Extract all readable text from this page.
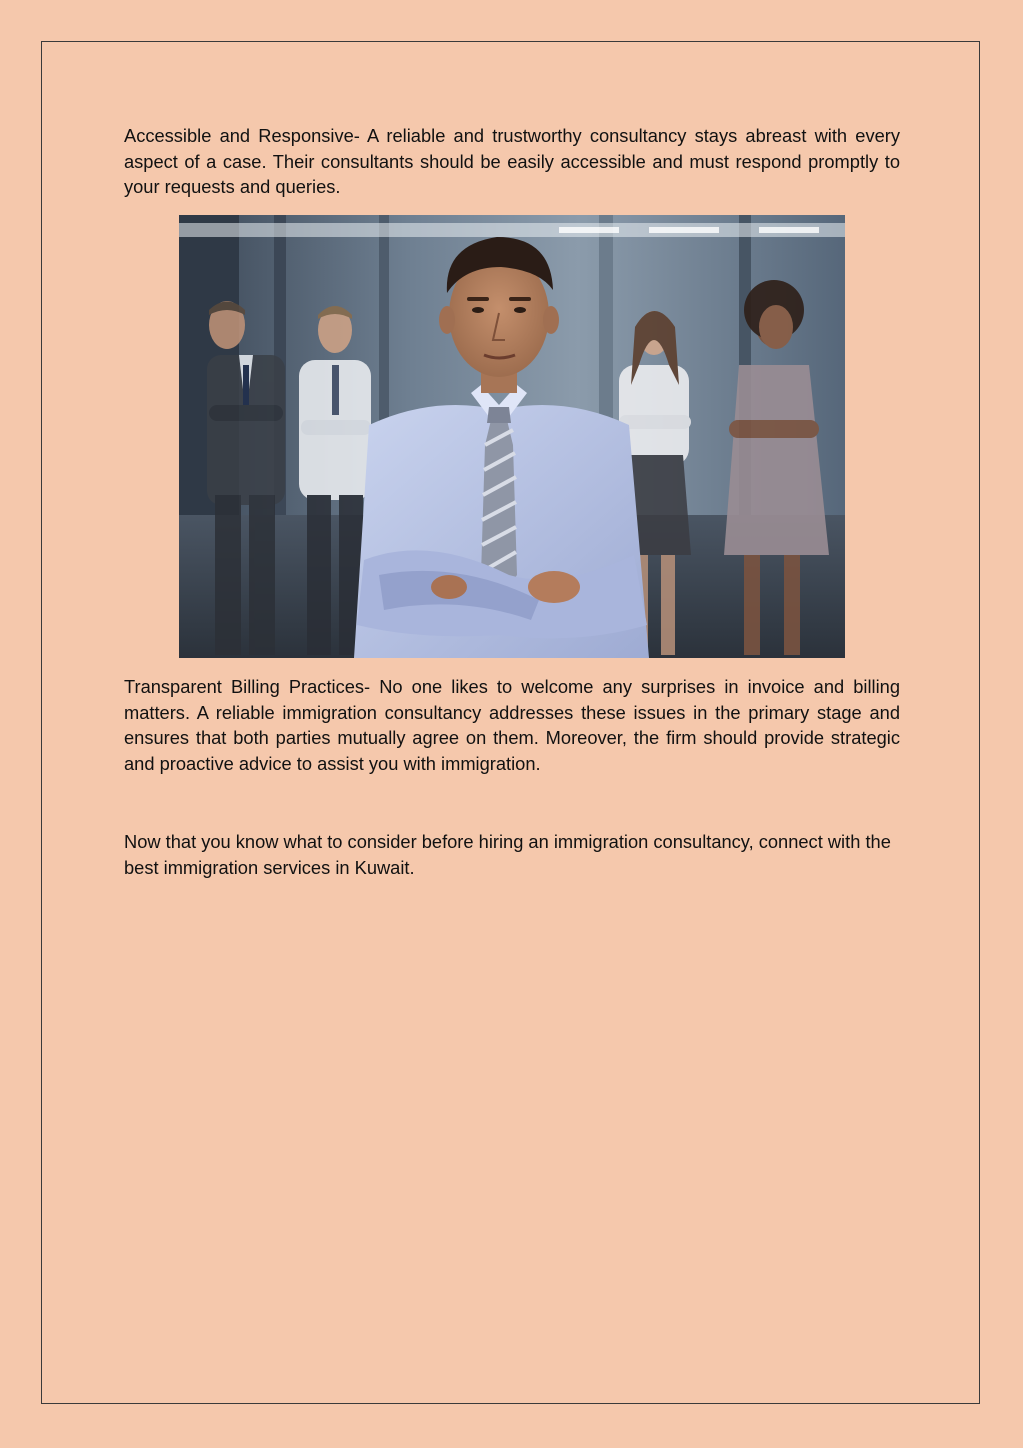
Accessible and Responsive- A reliable and trustworthy consultancy stays abreast with every aspect of a case. Their consultants should be easily accessible and must respond promptly to your requests and queries.

Transparent Billing Practices- No one likes to welcome any surprises in invoice and billing matters. A reliable immigration consultancy addresses these issues in the primary stage and ensures that both parties mutually agree on them. Moreover, the firm should provide strategic and proactive advice to assist you with immigration.

Now that you know what to consider before hiring an immigration consultancy, connect with the best immigration services in Kuwait.
